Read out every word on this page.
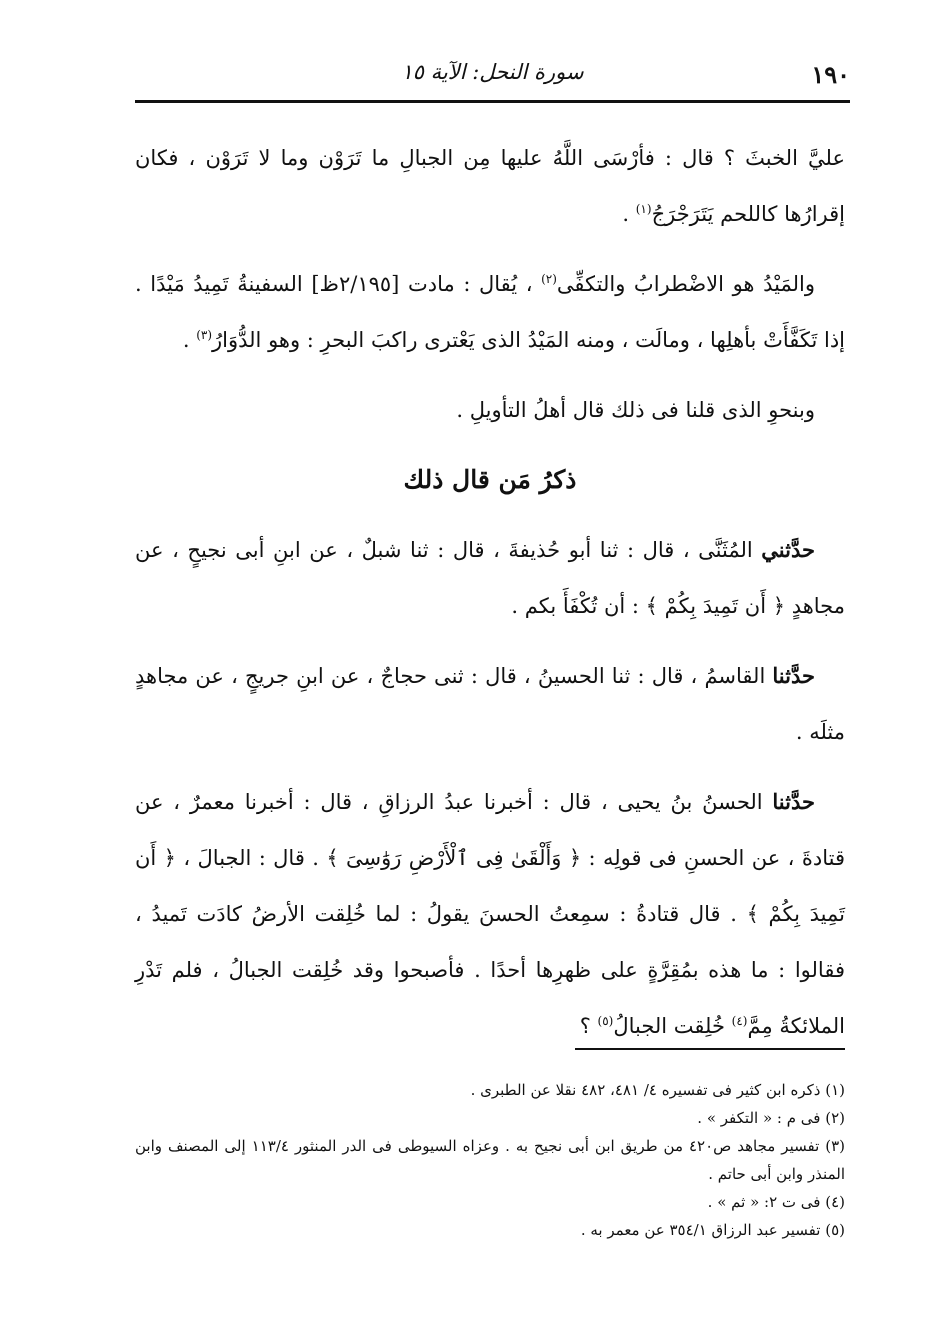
١٩٠
سورة النحل: الآية ١٥

عليَّ الخبثَ ؟ قال : فأرْسَى اللَّهُ عليها مِن الجبالِ ما تَرَوْن وما لا تَرَوْن ، فكان إقرارُها كاللحم يَتَرَجْرَجُ$^{(١)}$ .

والمَيْدُ هو الاضْطرابُ والتكفِّى$^{(٢)}$ ، يُقال : مادت [٢/١٩٥ظ] السفينةُ تَمِيدُ مَيْدًا . إذا تَكَفَّأَتْ بأهلِها ، ومالَت ، ومنه المَيْدُ الذى يَعْترى راكبَ البحرِ : وهو الدُّوَارُ$^{(٣)}$ .

وبنحوِ الذى قلنا فى ذلك قال أهلُ التأويلِ .

ذكرُ مَن قال ذلك

حدَّثني المُثَنَّى ، قال : ثنا أبو حُذيفةَ ، قال : ثنا شبلٌ ، عن ابنِ أبى نجيحٍ ، عن مجاهدٍ ﴿ أَن تَمِيدَ بِكُمْ ﴾ : أن تُكْفَأَ بكم .

حدَّثنا القاسمُ ، قال : ثنا الحسينُ ، قال : ثنى حجاجٌ ، عن ابنِ جريجٍ ، عن مجاهدٍ مثلَه .

حدَّثنا الحسنُ بنُ يحيى ، قال : أخبرنا عبدُ الرزاقِ ، قال : أخبرنا معمرٌ ، عن قتادةَ ، عن الحسنِ فى قولِه : ﴿ وَأَلْقَىٰ فِى ٱلْأَرْضِ رَوَٰسِىَ ﴾ . قال : الجبالَ ، ﴿ أَن تَمِيدَ بِكُمْ ﴾ . قال قتادةُ : سمِعتُ الحسنَ يقولُ : لما خُلِقت الأرضُ كادَت تَميدُ ، فقالوا : ما هذه بمُقِرَّةٍ على ظهرِها أحدًا . فأصبحوا وقد خُلِقت الجبالُ ، فلم تَدْرِ الملائكةُ مِمَّ$^{(٤)}$ خُلِقت الجبالُ$^{(٥)}$ ؟

(١) ذكره ابن كثير فى تفسيره ٤/ ٤٨١، ٤٨٢ نقلا عن الطبرى .

(٢) فى م : « التكفر » .

(٣) تفسير مجاهد ص٤٢٠ من طريق ابن أبى نجيح به . وعزاه السيوطى فى الدر المنثور ١١٣/٤ إلى المصنف وابن المنذر وابن أبى حاتم .

(٤) فى ت ٢: « ثم » .

(٥) تفسير عبد الرزاق ٣٥٤/١ عن معمر به .
